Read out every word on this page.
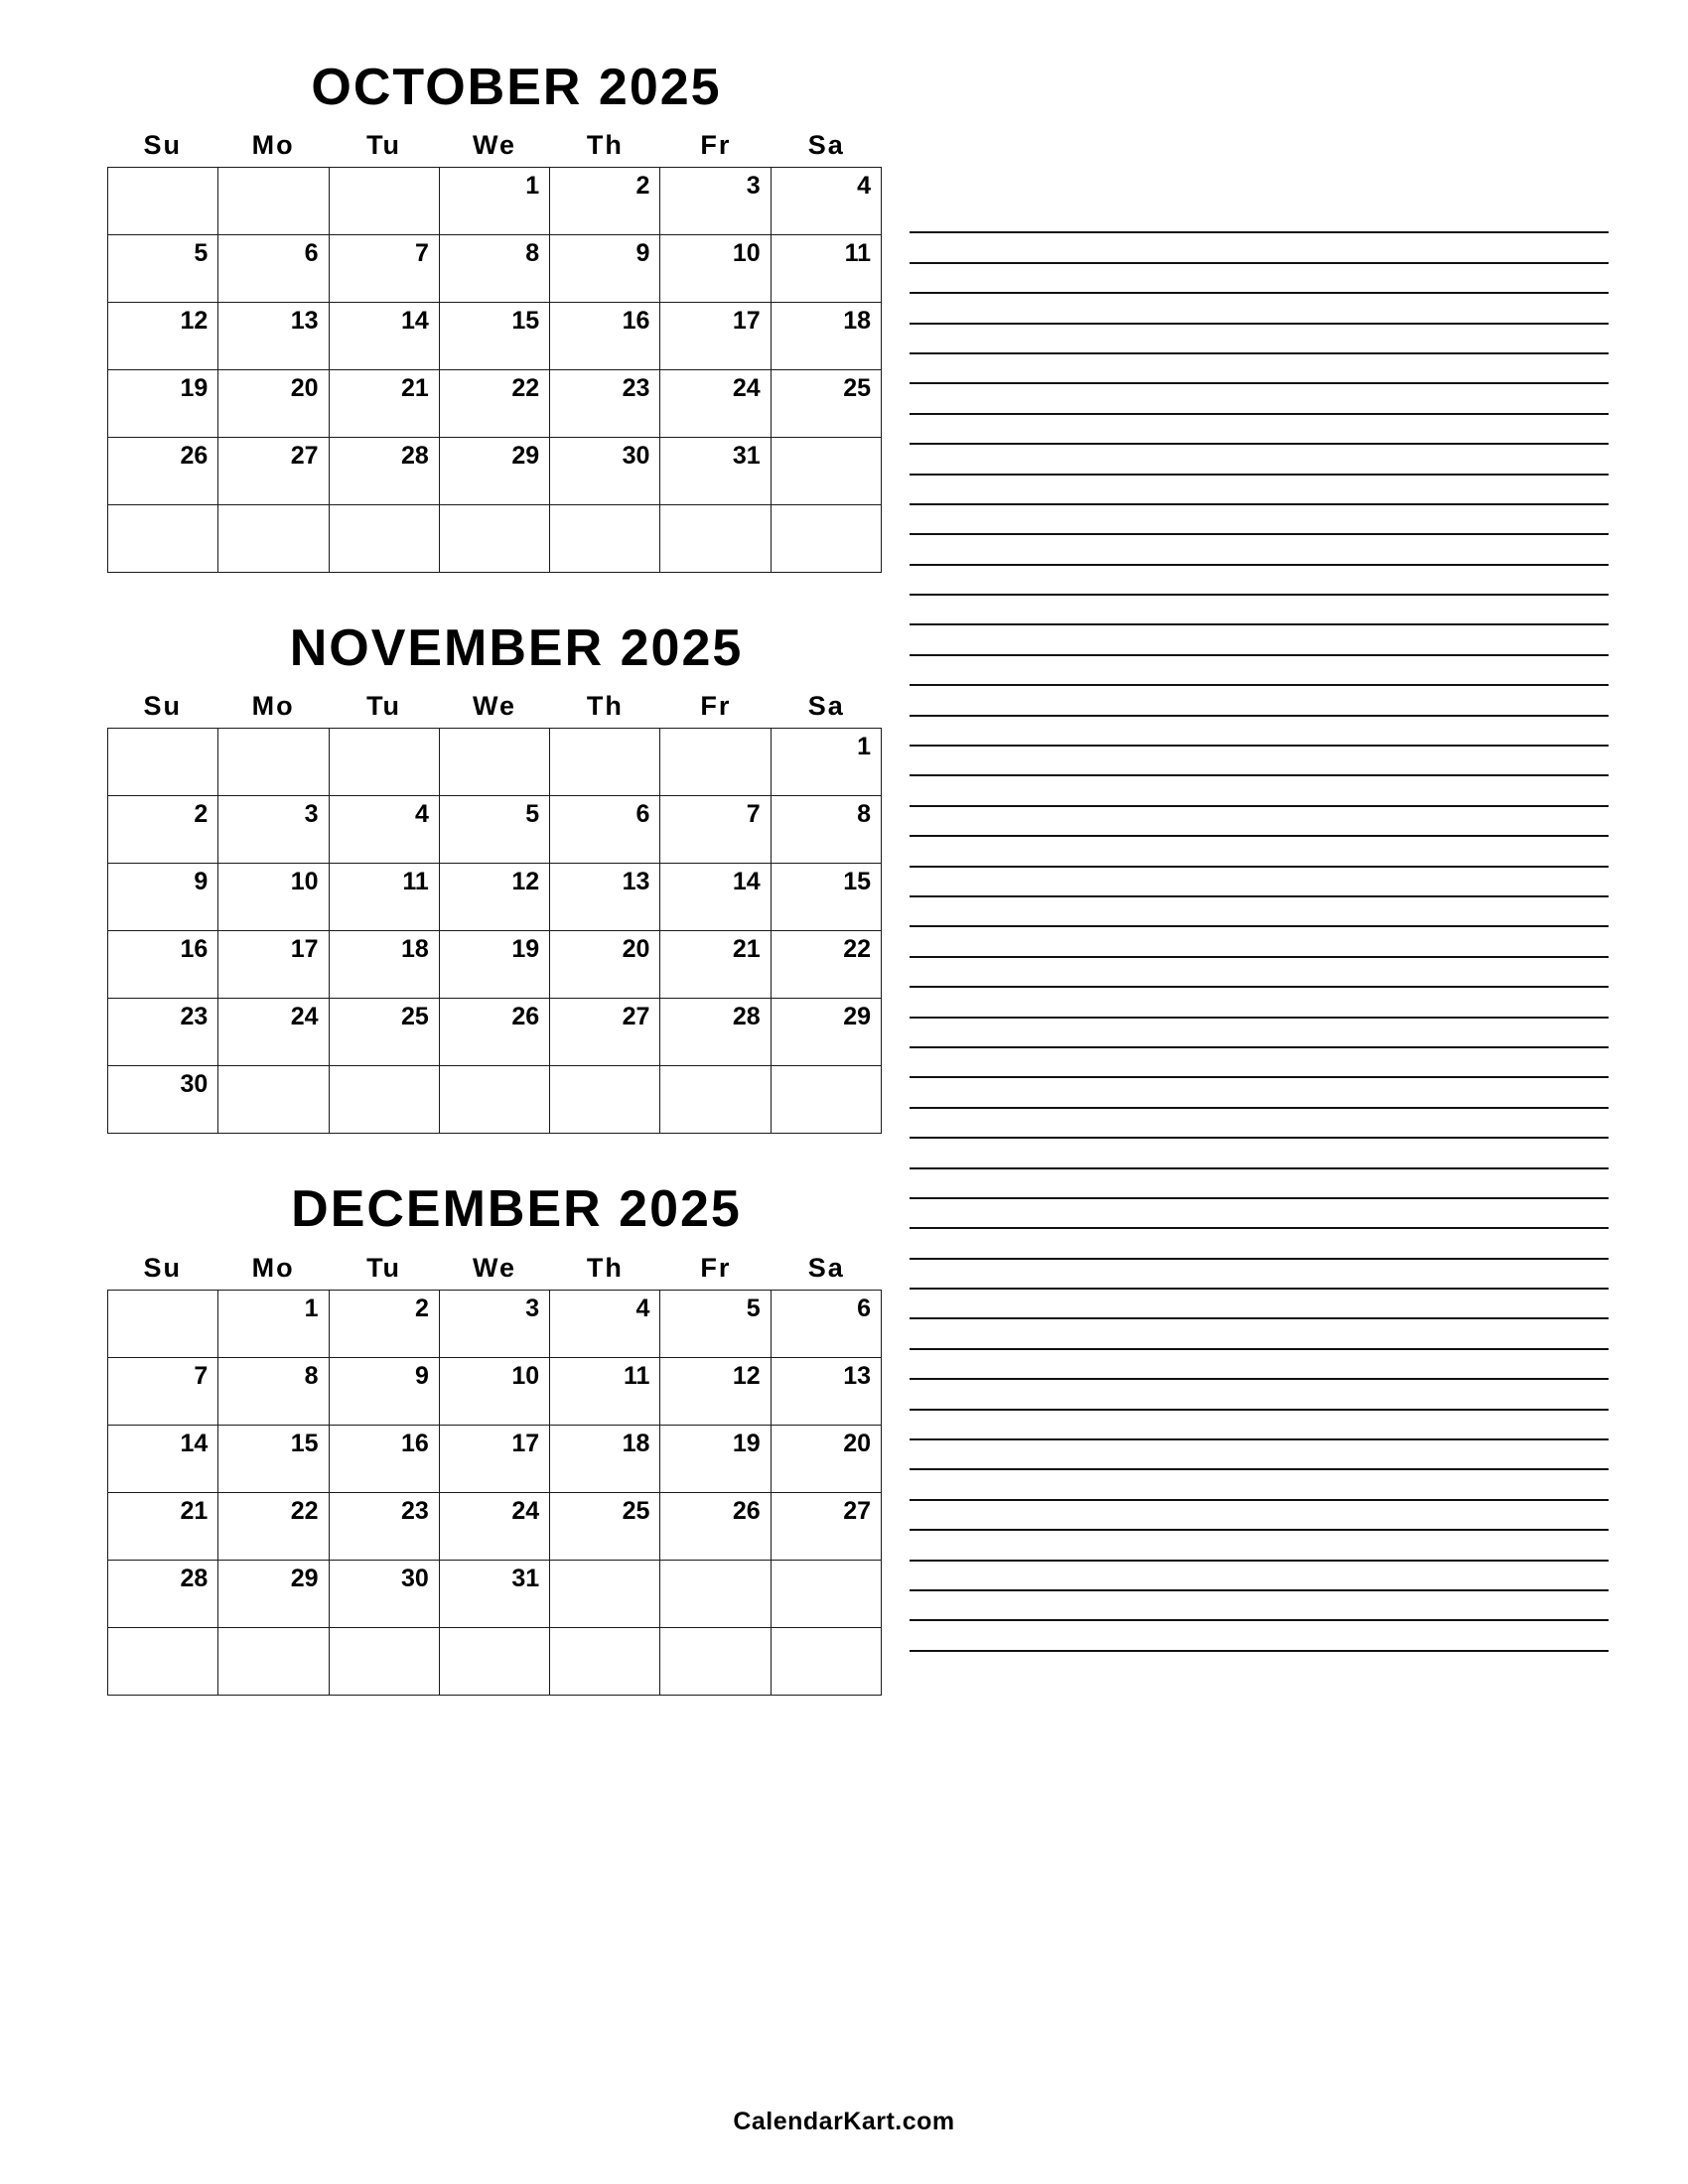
OCTOBER 2025
Su	Mo	Tu	We	Th	Fr	Sa
			1	2	3	4
5	6	7	8	9	10	11
12	13	14	15	16	17	18
19	20	21	22	23	24	25
26	27	28	29	30	31	

NOVEMBER 2025
Su	Mo	Tu	We	Th	Fr	Sa
						1
2	3	4	5	6	7	8
9	10	11	12	13	14	15
16	17	18	19	20	21	22
23	24	25	26	27	28	29
30						
DECEMBER 2025
Su	Mo	Tu	We	Th	Fr	Sa
	1	2	3	4	5	6
7	8	9	10	11	12	13
14	15	16	17	18	19	20
21	22	23	24	25	26	27
28	29	30	31			

CalendarKart.com
